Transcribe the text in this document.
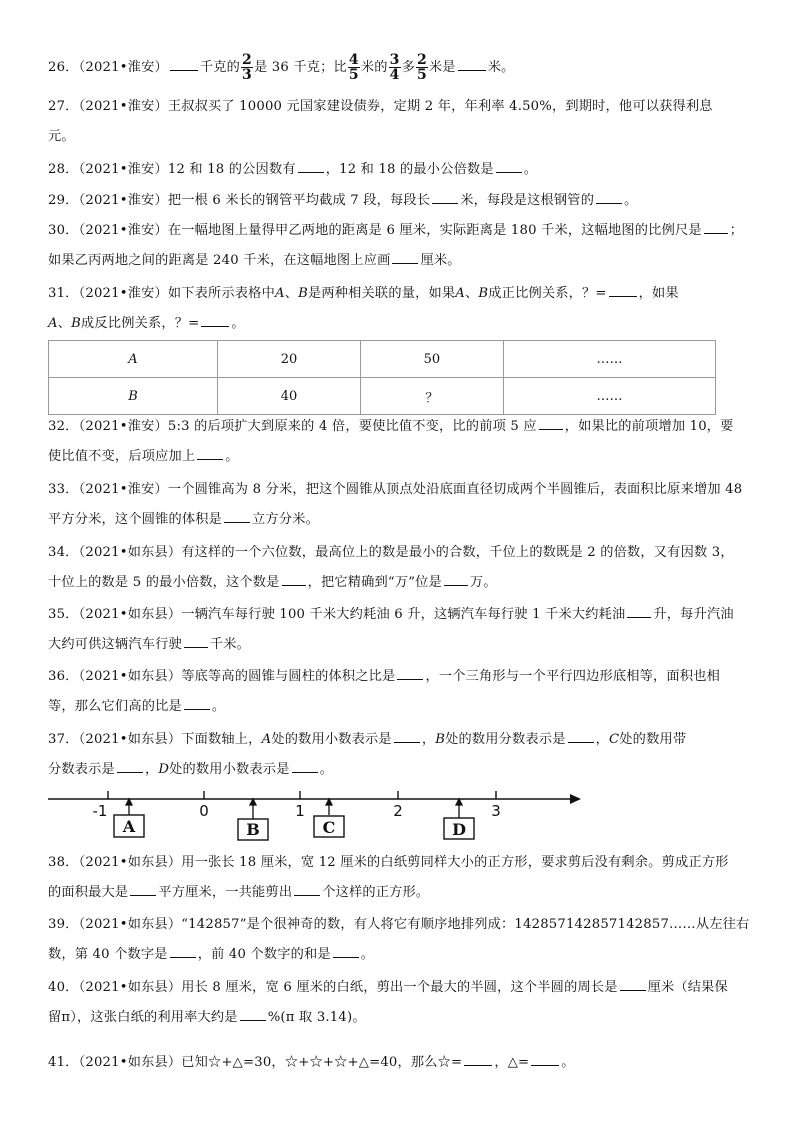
26．（2021•淮安） 千克的 $\frac{2}{3}$ 是 36 千克；比 $\frac{4}{5}$ 米的 $\frac{3}{4}$ 多 $\frac{2}{5}$ 米是 米。
27．（2021•淮安）王叔叔买了 10000 元国家建设债券，定期 2 年，年利率 4.50%，到期时，他可以获得利息
元。
28．（2021•淮安）12 和 18 的公因数有 ，12 和 18 的最小公倍数是 。
29．（2021•淮安）把一根 6 米长的钢管平均截成 7 段，每段长 米，每段是这根钢管的 。
30．（2021•淮安）在一幅地图上量得甲乙两地的距离是 6 厘米，实际距离是 180 千米，这幅地图的比例尺是 ；
如果乙丙两地之间的距离是 240 千米，在这幅地图上应画 厘米。
31．（2021•淮安）如下表所示表格中A、B是两种相关联的量，如果A、B成正比例关系，？= ，如果
A、B成反比例关系，？= 。
A	20	50	……
B	40	？	……
32．（2021•淮安）5:3 的后项扩大到原来的 4 倍，要使比值不变，比的前项 5 应 ，如果比的前项增加 10，要
使比值不变，后项应加上 。
33．（2021•淮安）一个圆锥高为 8 分米，把这个圆锥从顶点处沿底面直径切成两个半圆锥后，表面积比原来增加 48
平方分米，这个圆锥的体积是 立方分米。
34．（2021•如东县）有这样的一个六位数，最高位上的数是最小的合数，千位上的数既是 2 的倍数，又有因数 3，
十位上的数是 5 的最小倍数，这个数是 ，把它精确到“万”位是 万。
35．（2021•如东县）一辆汽车每行驶 100 千米大约耗油 6 升，这辆汽车每行驶 1 千米大约耗油 升，每升汽油
大约可供这辆汽车行驶 千米。
36．（2021•如东县）等底等高的圆锥与圆柱的体积之比是 ，一个三角形与一个平行四边形底相等，面积也相
等，那么它们高的比是 。
37．（2021•如东县）下面数轴上，A处的数用小数表示是 ，B处的数用分数表示是 ，C处的数用带
分数表示是 ，D处的数用小数表示是 。
-1	0	1	2	3
A	B	C	D
38．（2021•如东县）用一张长 18 厘米，宽 12 厘米的白纸剪同样大小的正方形，要求剪后没有剩余。剪成正方形
的面积最大是 平方厘米，一共能剪出 个这样的正方形。
39．（2021•如东县）“142857”是个很神奇的数，有人将它有顺序地排列成：142857142857142857……从左往右
数，第 40 个数字是 ，前 40 个数字的和是 。
40．（2021•如东县）用长 8 厘米，宽 6 厘米的白纸，剪出一个最大的半圆，这个半圆的周长是 厘米（结果保
留π），这张白纸的利用率大约是 %(π 取 3.14)。
41．（2021•如东县）已知☆+△=30，☆+☆+☆+△=40，那么☆= ，△= 。
